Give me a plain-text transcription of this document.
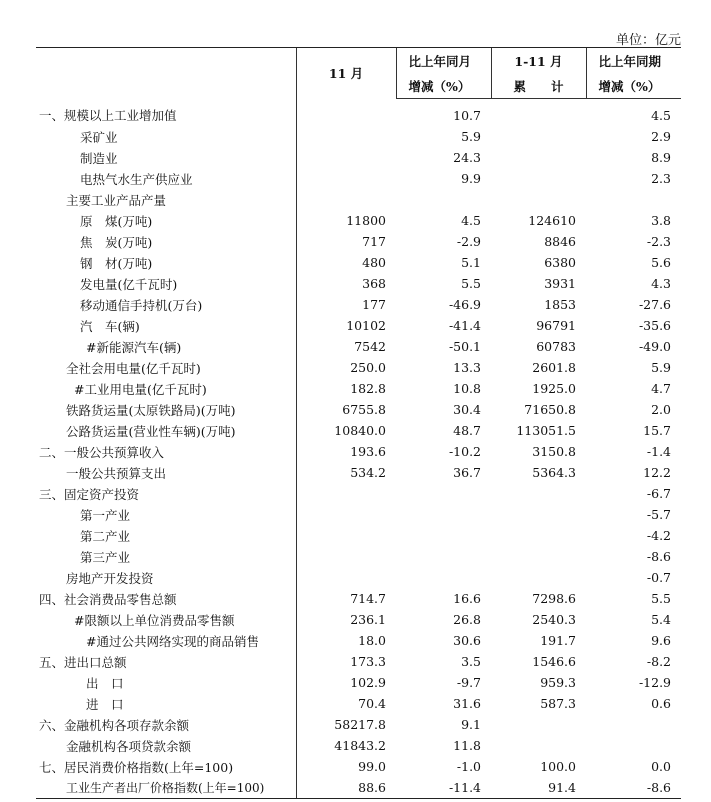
单位：亿元
	11 月	比上年同月	1-11 月	比上年同期
		增减（%）	累　　计	增减（%）
一、规模以上工业增加值		10.7		4.5
采矿业		5.9		2.9
制造业		24.3		8.9
电热气水生产供应业		9.9		2.3
主要工业产品产量				
原　煤(万吨)	11800	4.5	124610	3.8
焦　炭(万吨)	717	-2.9	8846	-2.3
钢　材(万吨)	480	5.1	6380	5.6
发电量(亿千瓦时)	368	5.5	3931	4.3
移动通信手持机(万台)	177	-46.9	1853	-27.6
汽　车(辆)	10102	-41.4	96791	-35.6
#新能源汽车(辆)	7542	-50.1	60783	-49.0
全社会用电量(亿千瓦时)	250.0	13.3	2601.8	5.9
#工业用电量(亿千瓦时)	182.8	10.8	1925.0	4.7
铁路货运量(太原铁路局)(万吨)	6755.8	30.4	71650.8	2.0
公路货运量(营业性车辆)(万吨)	10840.0	48.7	113051.5	15.7
二、一般公共预算收入	193.6	-10.2	3150.8	-1.4
一般公共预算支出	534.2	36.7	5364.3	12.2
三、固定资产投资				-6.7
第一产业				-5.7
第二产业				-4.2
第三产业				-8.6
房地产开发投资				-0.7
四、社会消费品零售总额	714.7	16.6	7298.6	5.5
#限额以上单位消费品零售额	236.1	26.8	2540.3	5.4
#通过公共网络实现的商品销售	18.0	30.6	191.7	9.6
五、进出口总额	173.3	3.5	1546.6	-8.2
出　口	102.9	-9.7	959.3	-12.9
进　口	70.4	31.6	587.3	0.6
六、金融机构各项存款余额	58217.8	9.1		
金融机构各项贷款余额	41843.2	11.8		
七、居民消费价格指数(上年=100)	99.0	-1.0	100.0	0.0
工业生产者出厂价格指数(上年=100)	88.6	-11.4	91.4	-8.6
